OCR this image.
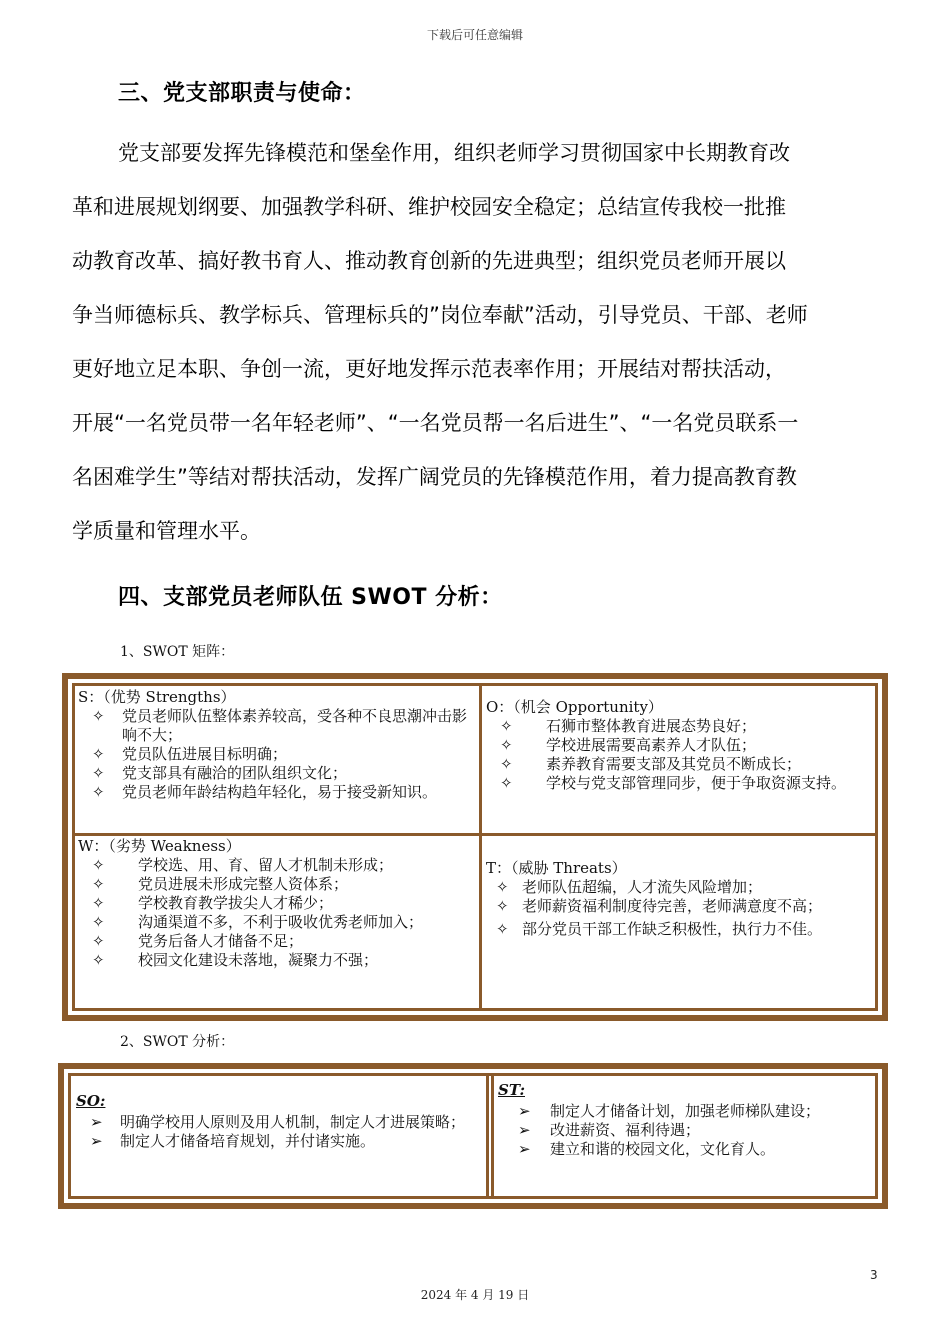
下载后可任意编辑
三、党支部职责与使命：
党支部要发挥先锋模范和堡垒作用，组织老师学习贯彻国家中长期教育改
革和进展规划纲要、加强教学科研、维护校园安全稳定；总结宣传我校一批推
动教育改革、搞好教书育人、推动教育创新的先进典型；组织党员老师开展以
争当师德标兵、教学标兵、管理标兵的”岗位奉献”活动，引导党员、干部、老师
更好地立足本职、争创一流，更好地发挥示范表率作用；开展结对帮扶活动，
开展“一名党员带一名年轻老师”、“一名党员帮一名后进生”、“一名党员联系一
名困难学生”等结对帮扶活动，发挥广阔党员的先锋模范作用，着力提高教育教
学质量和管理水平。
四、支部党员老师队伍 SWOT 分析：
1、SWOT 矩阵：
S：（优势 Strengths）
✧ 党员老师队伍整体素养较高，受各种不良思潮冲击影响不大；
✧ 党员队伍进展目标明确；
✧ 党支部具有融洽的团队组织文化；
✧ 党员老师年龄结构趋年轻化，易于接受新知识。
O：（机会 Opportunity）
✧ 石狮市整体教育进展态势良好；
✧ 学校进展需要高素养人才队伍；
✧ 素养教育需要支部及其党员不断成长；
✧ 学校与党支部管理同步，便于争取资源支持。
W：（劣势 Weakness）
✧ 学校选、用、育、留人才机制未形成；
✧ 党员进展未形成完整人资体系；
✧ 学校教育教学拔尖人才稀少；
✧ 沟通渠道不多，不利于吸收优秀老师加入；
✧ 党务后备人才储备不足；
✧ 校园文化建设未落地，凝聚力不强；
T：（威胁 Threats）
✧ 老师队伍超编，人才流失风险增加；
✧ 老师薪资福利制度待完善，老师满意度不高；
✧ 部分党员干部工作缺乏积极性，执行力不佳。
2、SWOT 分析：
SO:
➢ 明确学校用人原则及用人机制，制定人才进展策略；
➢ 制定人才储备培育规划，并付诸实施。
ST:
➢ 制定人才储备计划，加强老师梯队建设；
➢ 改进薪资、福利待遇；
➢ 建立和谐的校园文化，文化育人。
3
2024 年 4 月 19 日
